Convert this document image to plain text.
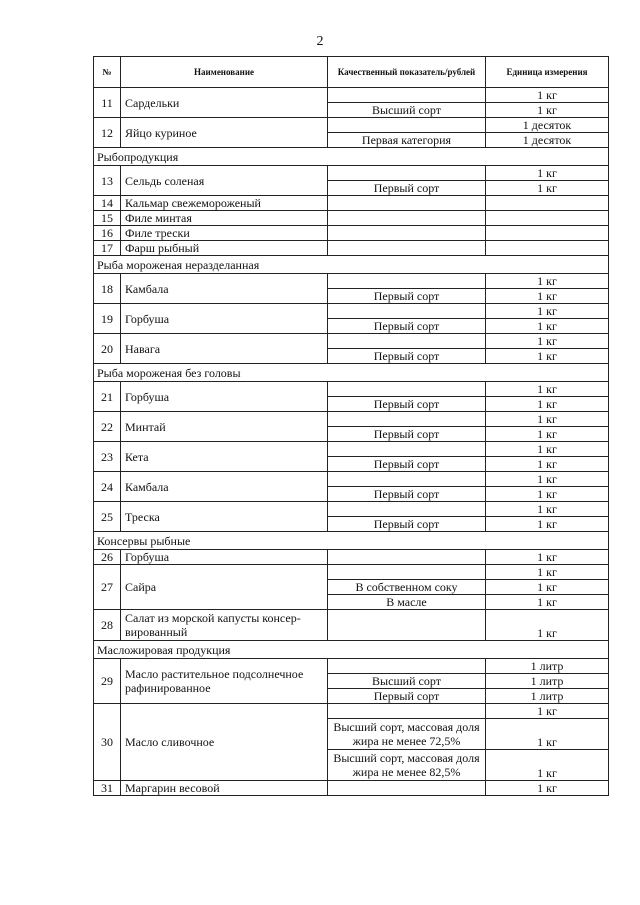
2
№	Наименование	Качественный показатель/рублей	Единица измерения
11	Сардельки		1 кг
		Высший сорт	1 кг
12	Яйцо куриное		1 десяток
		Первая категория	1 десяток
Рыбопродукция			
13	Сельдь соленая		1 кг
		Первый сорт	1 кг
14	Кальмар свежемороженый		
15	Филе минтая		
16	Филе трески		
17	Фарш рыбный		
Рыба мороженая неразделанная			
18	Камбала		1 кг
		Первый сорт	1 кг
19	Горбуша		1 кг
		Первый сорт	1 кг
20	Навага		1 кг
		Первый сорт	1 кг
Рыба мороженая без головы			
21	Горбуша		1 кг
		Первый сорт	1 кг
22	Минтай		1 кг
		Первый сорт	1 кг
23	Кета		1 кг
		Первый сорт	1 кг
24	Камбала		1 кг
		Первый сорт	1 кг
25	Треска		1 кг
		Первый сорт	1 кг
Консервы рыбные			
26	Горбуша		1 кг
27	Сайра		1 кг
		В собственном соку	1 кг
		В масле	1 кг
28	Салат из морской капусты консер-вированный		1 кг
Масложировая продукция			
29	Масло растительное подсолнечное рафинированное		1 литр
		Высший сорт	1 литр
		Первый сорт	1 литр
30	Масло сливочное		1 кг
		Высший сорт, массовая доля жира не менее 72,5%	1 кг
		Высший сорт, массовая доля жира не менее 82,5%	1 кг
31	Маргарин весовой		1 кг
